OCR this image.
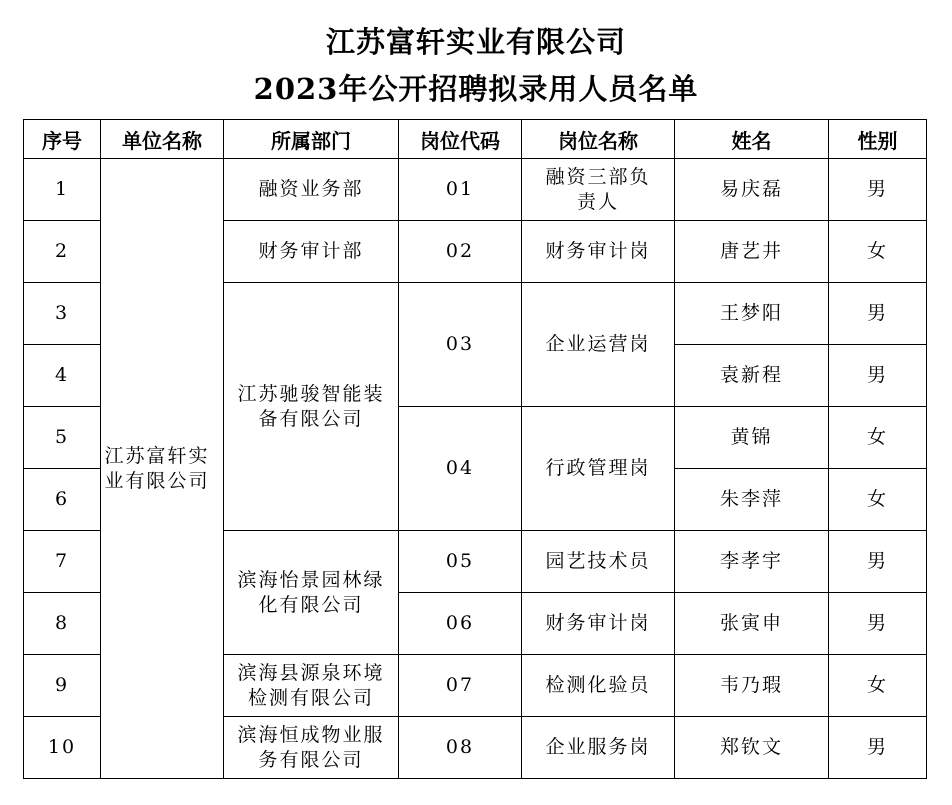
江苏富轩实业有限公司
2023年公开招聘拟录用人员名单
序号	单位名称	所属部门	岗位代码	岗位名称	姓名	性别
1	江苏富轩实业有限公司	融资业务部	01	融资三部负责人	易庆磊	男
2		财务审计部	02	财务审计岗	唐艺井	女
3		江苏驰骏智能装备有限公司	03	企业运营岗	王梦阳	男
4					袁新程	男
5			04	行政管理岗	黄锦	女
6					朱李萍	女
7		滨海怡景园林绿化有限公司	05	园艺技术员	李孝宇	男
8			06	财务审计岗	张寅申	男
9		滨海县源泉环境检测有限公司	07	检测化验员	韦乃瑕	女
10		滨海恒成物业服务有限公司	08	企业服务岗	郑钦文	男
